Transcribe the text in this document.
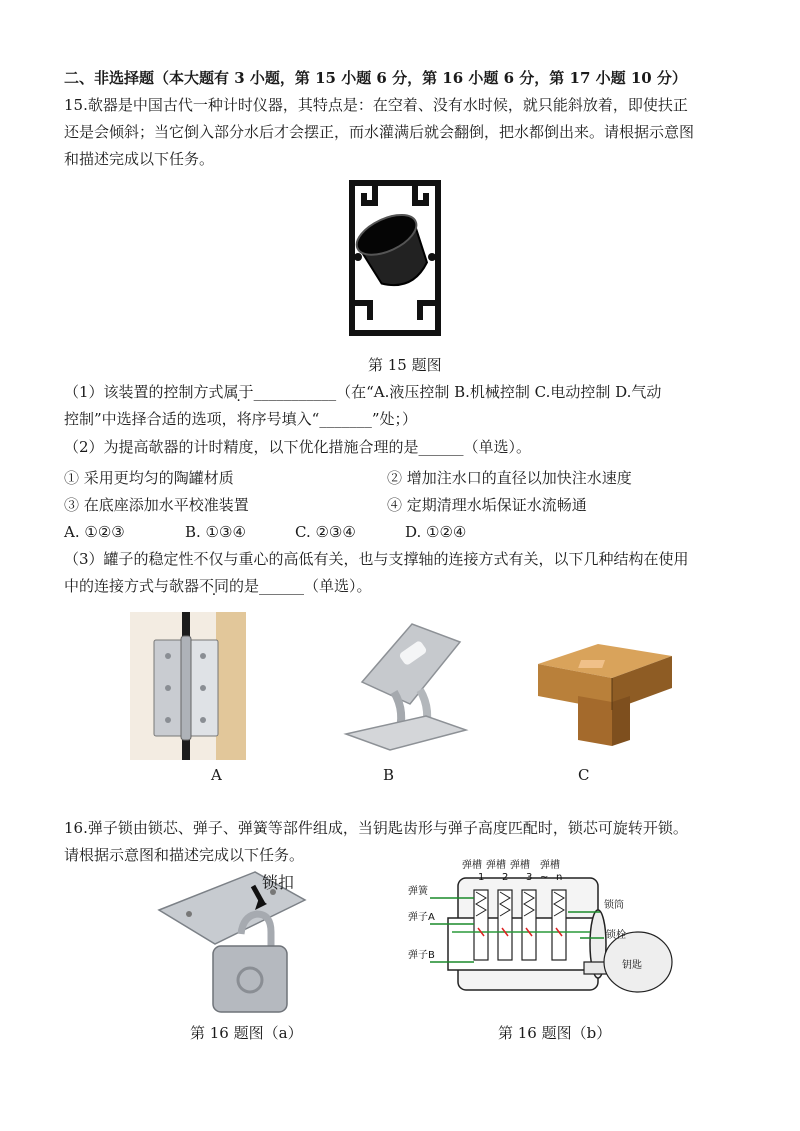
二、非选择题（本大题有 3 小题，第 15 小题 6 分，第 16 小题 6 分，第 17 小题 10 分）
15.欹器是中国古代一种计时仪器，其特点是：在空着、没有水时候，就只能斜放着，即使扶正
还是会倾斜；当它倒入部分水后才会摆正，而水灌满后就会翻倒，把水都倒出来。请根据示意图
和描述完成以下任务。
第 15 题图
（1）该装置的控制方式属于___________（在“A.液压控制 B.机械控制 C.电动控制 D.气动
控制”中选择合适的选项，将序号填入“_______”处；）
（2）为提高欹器的计时精度，以下优化措施合理的是______（单选）。
① 采用更均匀的陶罐材质	② 增加注水口的直径以加快注水速度
③ 在底座添加水平校准装置	④ 定期清理水垢保证水流畅通
A. ①②③	B. ①③④	C. ②③④	D. ①②④
（3）罐子的稳定性不仅与重心的高低有关，也与支撑轴的连接方式有关，以下几种结构在使用
中的连接方式与欹器不同的是______（单选）。
A	B	C
16.弹子锁由锁芯、弹子、弹簧等部件组成，当钥匙齿形与弹子高度匹配时，锁芯可旋转开锁。
请根据示意图和描述完成以下任务。
锁扣
第 16 题图（a）
弹槽 弹槽 弹槽 弹槽
1 2 3 ~ n
弹簧
弹子A
弹子B
锁筒
锁栓
钥匙
第 16 题图（b）
